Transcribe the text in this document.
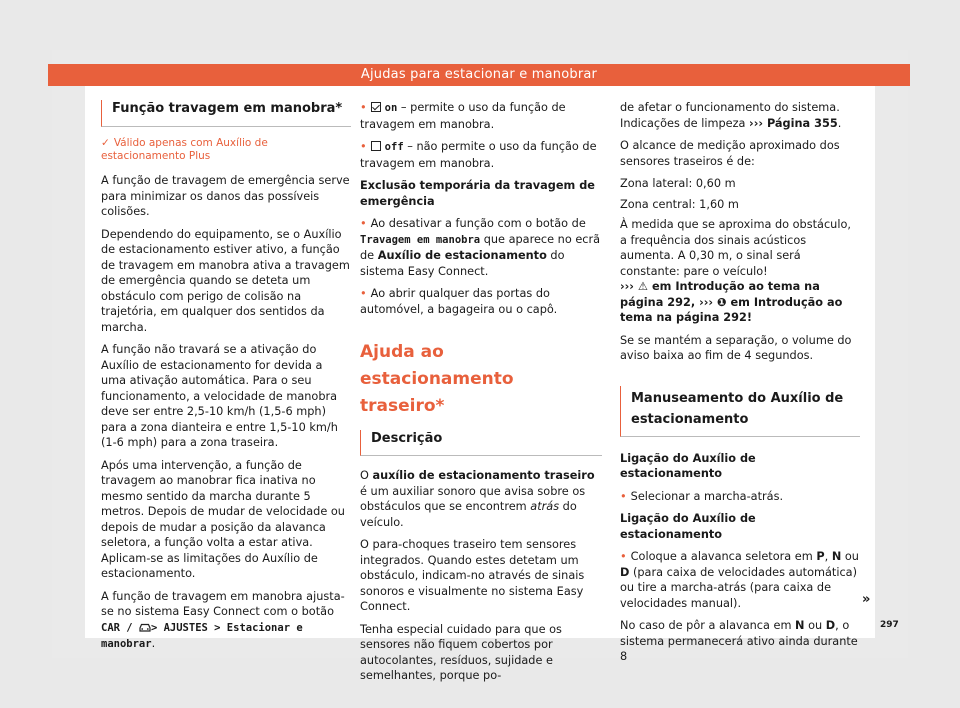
Ajudas para estacionar e manobrar
Função travagem em manobra*
✓ Válido apenas com Auxílio de estacionamento Plus

A função de travagem de emergência serve para minimizar os danos das possíveis colisões.

Dependendo do equipamento, se o Auxílio de estacionamento estiver ativo, a função de travagem em manobra ativa a travagem de emergência quando se deteta um obstáculo com perigo de colisão na trajetória, em qualquer dos sentidos da marcha.

A função não travará se a ativação do Auxílio de estacionamento for devida a uma ativação automática. Para o seu funcionamento, a velocidade de manobra deve ser entre 2,5-10 km/h (1,5-6 mph) para a zona dianteira e entre 1,5-10 km/h (1-6 mph) para a zona traseira.

Após uma intervenção, a função de travagem ao manobrar fica inativa no mesmo sentido da marcha durante 5 metros. Depois de mudar de velocidade ou depois de mudar a posição da alavanca seletora, a função volta a estar ativa. Aplicam-se as limitações do Auxílio de estacionamento.

A função de travagem em manobra ajusta-se no sistema Easy Connect com o botão CAR / > AJUSTES > Estacionar e manobrar.

• on – permite o uso da função de travagem em manobra.

• off – não permite o uso da função de travagem em manobra.

Exclusão temporária da travagem de emergência

• Ao desativar a função com o botão de Travagem em manobra que aparece no ecrã de Auxílio de estacionamento do sistema Easy Connect.

• Ao abrir qualquer das portas do automóvel, a bagageira ou o capô.

Ajuda ao estacionamento traseiro*
Descrição

O auxílio de estacionamento traseiro é um auxiliar sonoro que avisa sobre os obstáculos que se encontrem atrás do veículo.

O para-choques traseiro tem sensores integrados. Quando estes detetam um obstáculo, indicam-no através de sinais sonoros e visualmente no sistema Easy Connect.

Tenha especial cuidado para que os sensores não fiquem cobertos por autocolantes, resíduos, sujidade e semelhantes, porque po-

de afetar o funcionamento do sistema. Indicações de limpeza ››› Página 355.

O alcance de medição aproximado dos sensores traseiros é de:

Zona lateral: 0,60 m

Zona central: 1,60 m

À medida que se aproxima do obstáculo, a frequência dos sinais acústicos aumenta. A 0,30 m, o sinal será constante: pare o veículo!

››› ⚠ em Introdução ao tema na página 292, ››› ❶ em Introdução ao tema na página 292!

Se se mantém a separação, o volume do aviso baixa ao fim de 4 segundos.

Manuseamento do Auxílio de estacionamento

Ligação do Auxílio de estacionamento

• Selecionar a marcha-atrás.

Ligação do Auxílio de estacionamento

• Coloque a alavanca seletora em P, N ou D (para caixa de velocidades automática) ou tire a marcha-atrás (para caixa de velocidades manual).

No caso de pôr a alavanca em N ou D, o sistema permanecerá ativo ainda durante 8

»
297
